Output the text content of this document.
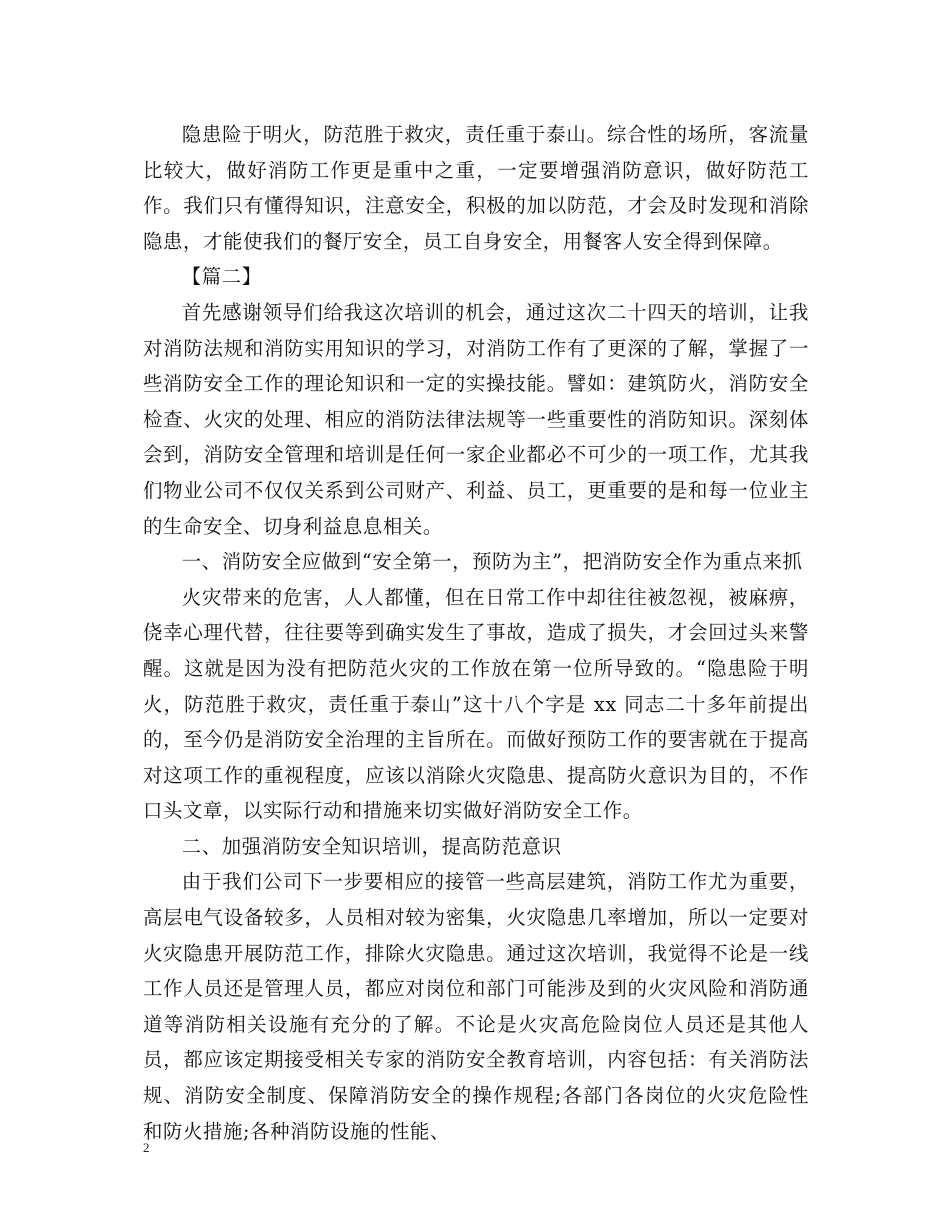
隐患险于明火，防范胜于救灾，责任重于泰山。综合性的场所，客流量比较大，做好消防工作更是重中之重，一定要增强消防意识，做好防范工作。我们只有懂得知识，注意安全，积极的加以防范，才会及时发现和消除隐患，才能使我们的餐厅安全，员工自身安全，用餐客人安全得到保障。

【篇二】

首先感谢领导们给我这次培训的机会，通过这次二十四天的培训，让我对消防法规和消防实用知识的学习，对消防工作有了更深的了解，掌握了一些消防安全工作的理论知识和一定的实操技能。譬如：建筑防火，消防安全检查、火灾的处理、相应的消防法律法规等一些重要性的消防知识。深刻体会到，消防安全管理和培训是任何一家企业都必不可少的一项工作，尤其我们物业公司不仅仅关系到公司财产、利益、员工，更重要的是和每一位业主的生命安全、切身利益息息相关。

一、消防安全应做到“安全第一，预防为主”，把消防安全作为重点来抓

火灾带来的危害，人人都懂，但在日常工作中却往往被忽视，被麻痹，侥幸心理代替，往往要等到确实发生了事故，造成了损失，才会回过头来警醒。这就是因为没有把防范火灾的工作放在第一位所导致的。“隐患险于明火，防范胜于救灾，责任重于泰山”这十八个字是 xx 同志二十多年前提出的，至今仍是消防安全治理的主旨所在。而做好预防工作的要害就在于提高对这项工作的重视程度，应该以消除火灾隐患、提高防火意识为目的，不作口头文章，以实际行动和措施来切实做好消防安全工作。

二、加强消防安全知识培训，提高防范意识

由于我们公司下一步要相应的接管一些高层建筑，消防工作尤为重要，高层电气设备较多，人员相对较为密集，火灾隐患几率增加，所以一定要对火灾隐患开展防范工作，排除火灾隐患。通过这次培训，我觉得不论是一线工作人员还是管理人员，都应对岗位和部门可能涉及到的火灾风险和消防通道等消防相关设施有充分的了解。不论是火灾高危险岗位人员还是其他人员，都应该定期接受相关专家的消防安全教育培训，内容包括：有关消防法规、消防安全制度、保障消防安全的操作规程;各部门各岗位的火灾危险性和防火措施;各种消防设施的性能、

2
